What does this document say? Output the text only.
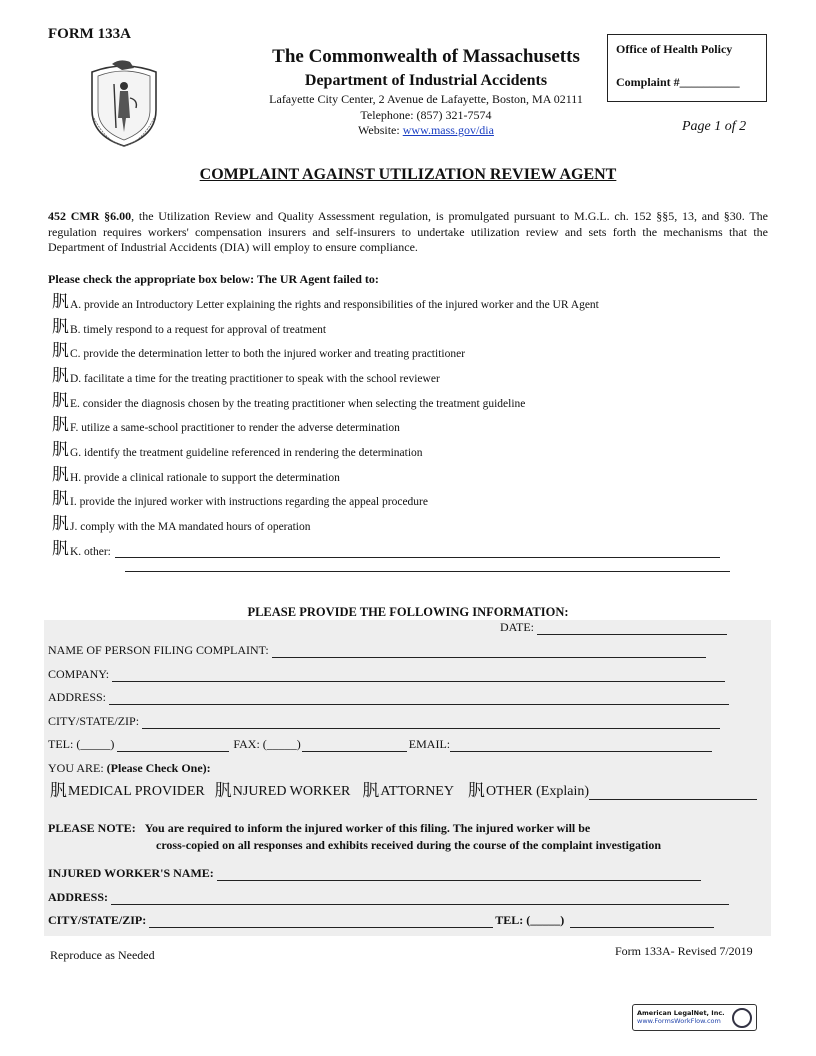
FORM 133A
The Commonwealth of Massachusetts
Department of Industrial Accidents
Lafayette City Center, 2 Avenue de Lafayette, Boston, MA 02111
Telephone: (857) 321-7574
Website: www.mass.gov/dia
Office of Health Policy
Complaint #__________
Page 1 of 2
COMPLAINT AGAINST UTILIZATION REVIEW AGENT
452 CMR §6.00, the Utilization Review and Quality Assessment regulation, is promulgated pursuant to M.G.L. ch. 152 §§5, 13, and §30. The regulation requires workers' compensation insurers and self-insurers to undertake utilization review and sets forth the mechanisms that the Department of Industrial Accidents (DIA) will employ to ensure compliance.
Please check the appropriate box below: The UR Agent failed to:
䏎 A. provide an Introductory Letter explaining the rights and responsibilities of the injured worker and the UR Agent
䏎 B. timely respond to a request for approval of treatment
䏎 C. provide the determination letter to both the injured worker and treating practitioner
䏎 D. facilitate a time for the treating practitioner to speak with the school reviewer
䏎 E. consider the diagnosis chosen by the treating practitioner when selecting the treatment guideline
䏎 F. utilize a same-school practitioner to render the adverse determination
䏎 G. identify the treatment guideline referenced in rendering the determination
䏎 H. provide a clinical rationale to support the determination
䏎 I. provide the injured worker with instructions regarding the appeal procedure
䏎 J. comply with the MA mandated hours of operation
䏎 K. other:
PLEASE PROVIDE THE FOLLOWING INFORMATION:
DATE:
NAME OF PERSON FILING COMPLAINT:
COMPANY:
ADDRESS:
CITY/STATE/ZIP:
TEL: (_____)	FAX: (_____)	EMAIL:
YOU ARE:
(Please Check One):
䏎 MEDICAL PROVIDER 䏎 NJURED WORKER 䏎 ATTORNEY 䏎 OTHER (Explain)
PLEASE NOTE: You are required to inform the injured worker of this filing. The injured worker will be
cross-copied on all responses and exhibits received during the course of the complaint investigation
INJURED WORKER'S NAME:
ADDRESS:
CITY/STATE/ZIP:	TEL: (_____)
Reproduce as Needed	Form 133A- Revised 7/2019
American LegalNet, Inc.
www.FormsWorkFlow.com
